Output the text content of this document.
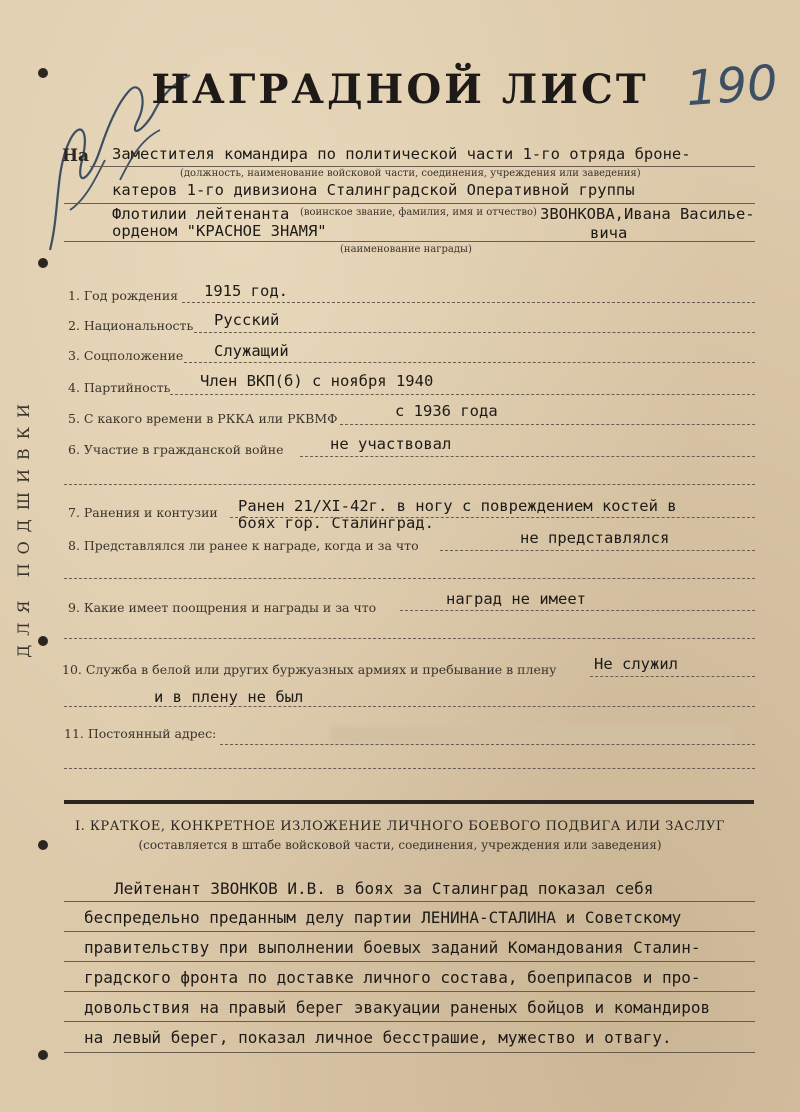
НАГРАДНОЙ ЛИСТ 190
На Заместителя командира по политической части 1-го отряда броне-
(должность, наименование войсковой части, соединения, учреждения или заведения)
катеров 1-го дивизиона Сталинградской Оперативной группы
Флотилии лейтенанта (воинское звание, фамилия, имя и отчество) ЗВОНКОВА,Ивана Василье-
орденом "КРАСНОЕ ЗНАМЯ"	вича
(наименование награды)
1. Год рождения 1915 год.
2. Национальность Русский
3. Соцположение Служащий
4. Партийность Член ВКП(б) с ноября 1940
5. С какого времени в РККА или РКВМФ	с 1936 года
6. Участие в гражданской войне	не участвовал
7. Ранения и контузии Ранен 21/XI-42г. в ногу с повреждением костей в
боях гор. Сталинград.
8. Представлялся ли ранее к награде, когда и за что	не представлялся
9. Какие имеет поощрения и награды и за что	наград не имеет
10. Служба в белой или других буржуазных армиях и пребывание в плену Не служил
и в плену не был
11. Постоянный адрес:
ДЛЯ ПОДШИВКИ
I. КРАТКОЕ, КОНКРЕТНОЕ ИЗЛОЖЕНИЕ ЛИЧНОГО БОЕВОГО ПОДВИГА ИЛИ ЗАСЛУГ
(составляется в штабе войсковой части, соединения, учреждения или заведения)
Лейтенант ЗВОНКОВ И.В. в боях за Сталинград показал себя
беспредельно преданным делу партии ЛЕНИНА-СТАЛИНА и Советскому
правительству при выполнении боевых заданий Командования Сталин-
градского фронта по доставке личного состава, боеприпасов и про-
довольствия на правый берег эвакуации раненых бойцов и командиров
на левый берег, показал личное бесстрашие, мужество и отвагу.
